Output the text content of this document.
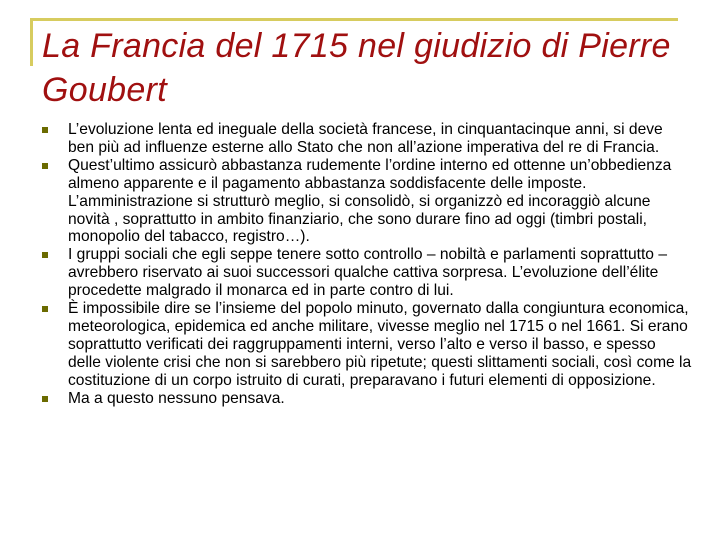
La Francia del 1715 nel giudizio di Pierre Goubert
L’evoluzione lenta ed ineguale della società francese, in cinquantacinque anni, si deve ben più ad influenze esterne allo Stato che non all’azione imperativa del re di Francia.
Quest’ultimo assicurò abbastanza rudemente l’ordine interno ed ottenne un’obbedienza almeno apparente e il pagamento abbastanza soddisfacente delle imposte. L’amministrazione si strutturò meglio, si consolidò, si organizzò ed incoraggiò alcune novità , soprattutto in ambito finanziario, che sono durare fino ad oggi (timbri postali, monopolio del tabacco, registro…).
I gruppi sociali che egli seppe tenere sotto controllo – nobiltà e parlamenti soprattutto – avrebbero riservato ai suoi successori qualche cattiva sorpresa. L’evoluzione dell’élite procedette malgrado il monarca ed in parte contro di lui.
È impossibile dire se l’insieme del popolo minuto, governato dalla congiuntura economica, meteorologica, epidemica ed anche militare, vivesse meglio nel 1715 o nel 1661. Si erano soprattutto verificati dei raggruppamenti interni, verso l’alto e verso il basso, e spesso delle violente crisi che non si sarebbero più ripetute; questi slittamenti sociali, così come la costituzione di un corpo istruito di curati, preparavano i futuri elementi di opposizione.
Ma a questo nessuno pensava.
